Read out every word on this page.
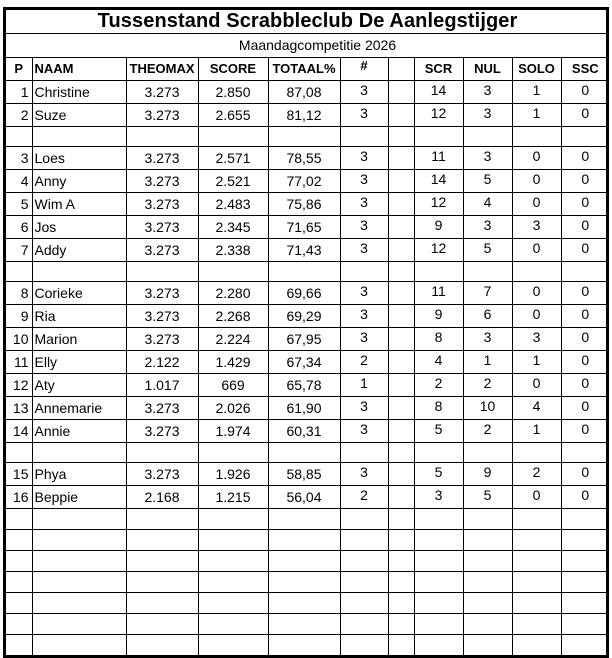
Tussenstand Scrabbleclub De Aanlegstijger										
Maandagcompetitie 2026										
P	NAAM	THEOMAX	SCORE	TOTAAL%	#		SCR	NUL	SOLO	SSC
1	Christine	3.273	2.850	87,08	3		14	3	1	0
2	Suze	3.273	2.655	81,12	3		12	3	1	0

3	Loes	3.273	2.571	78,55	3		11	3	0	0
4	Anny	3.273	2.521	77,02	3		14	5	0	0
5	Wim A	3.273	2.483	75,86	3		12	4	0	0
6	Jos	3.273	2.345	71,65	3		9	3	3	0
7	Addy	3.273	2.338	71,43	3		12	5	0	0

8	Corieke	3.273	2.280	69,66	3		11	7	0	0
9	Ria	3.273	2.268	69,29	3		9	6	0	0
10	Marion	3.273	2.224	67,95	3		8	3	3	0
11	Elly	2.122	1.429	67,34	2		4	1	1	0
12	Aty	1.017	669	65,78	1		2	2	0	0
13	Annemarie	3.273	2.026	61,90	3		8	10	4	0
14	Annie	3.273	1.974	60,31	3		5	2	1	0

15	Phya	3.273	1.926	58,85	3		5	9	2	0
16	Beppie	2.168	1.215	56,04	2		3	5	0	0
